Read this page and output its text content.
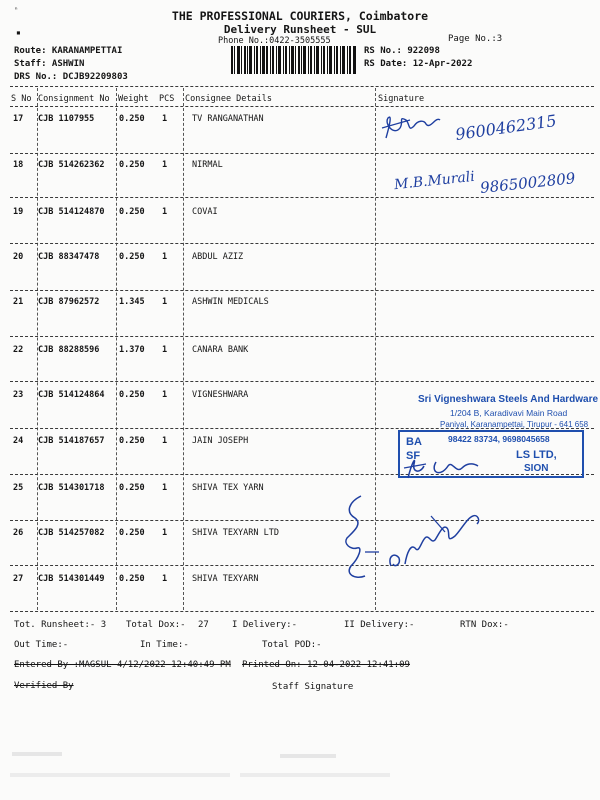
ⁿ
▪
THE PROFESSIONAL COURIERS, Coimbatore
Delivery Runsheet - SUL
Phone No.:0422-3505555	Page No.:3
Route: KARANAMPETTAI
Staff: ASHWIN
DRS No.: DCJB92209803
RS No.: 922098
RS Date: 12-Apr-2022
S No Consignment No Weight PCS Consignee Details	Signature
17 CJB 1107955	0.250 1	TV RANGANATHAN
18 CJB 514262362 0.250 1	NIRMAL
19 CJB 514124870 0.250 1	COVAI
20 CJB 88347478 0.250 1	ABDUL AZIZ
21 CJB 87962572 1.345 1	ASHWIN MEDICALS
22 CJB 88288596 1.370 1	CANARA BANK
23 CJB 514124864 0.250 1	VIGNESHWARA
24 CJB 514187657 0.250 1	JAIN JOSEPH
25 CJB 514301718 0.250 1	SHIVA TEX YARN
26 CJB 514257082 0.250 1	SHIVA TEXYARN LTD
27 CJB 514301449 0.250 1	SHIVA TEXYARN
9600462315
M.B.Murali 9865002809
Sri Vigneshwara Steels And Hardware
1/204 B, Karadivavi Main Road
Paniyal, Karanampettai, Tirupur - 641 658
98422 83734, 9698045658
BA
SF	LS LTD,
SION
Tot. Runsheet:- 3 Total Dox:- 27	I Delivery:-	II Delivery:-	RTN Dox:-
Out Time:-	In Time:-	Total POD:-
Entered By :MAGSUL 4/12/2022 12:40:49 PM Printed On: 12-04-2022 12:41:09
Verified By	Staff Signature
